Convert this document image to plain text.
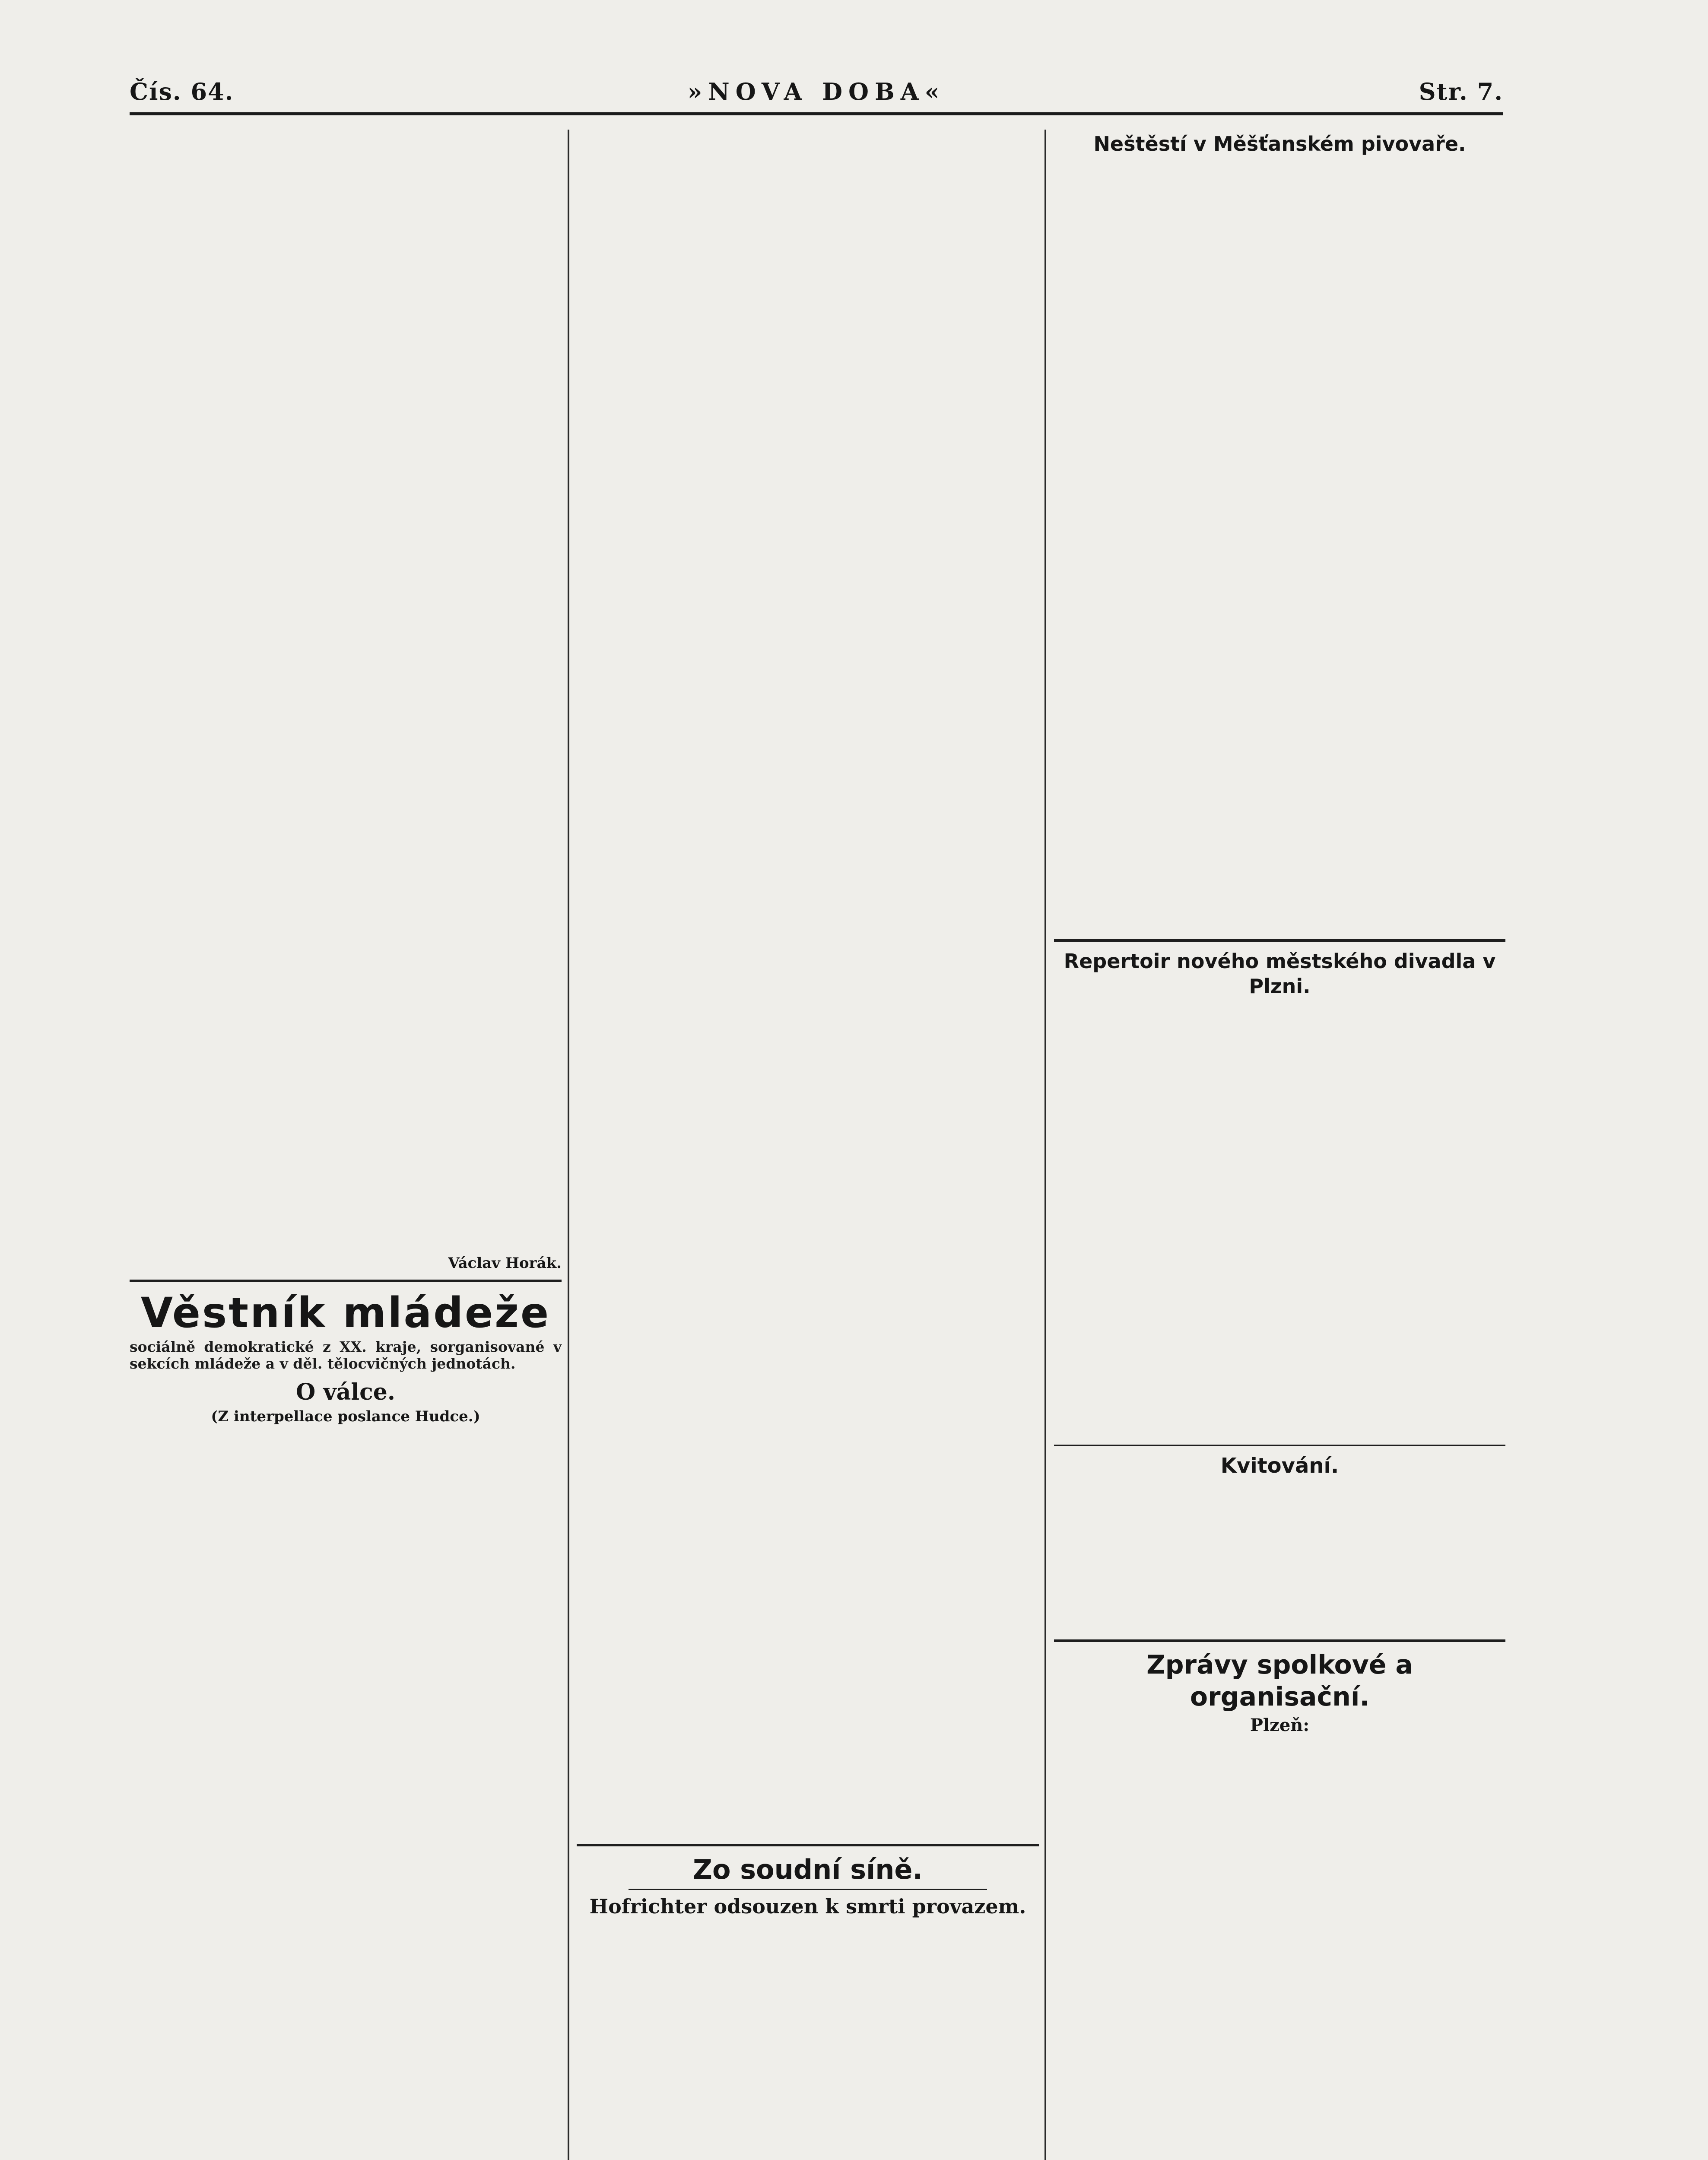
Čís. 64.	»NOVA DOBA«	Str. 7.

Václav Horák.
Věstník mládeže

sociálně demokratické z XX. kraje, sorganisované v sekcích mládeže a v děl. tělocvičných jednotách.

O válce.
(Z interpellace poslance Hudce.)

Zo soudní síně.
Hofrichter odsouzen k smrti provazem.

Neštěstí v Měšťanském pivovaře.

Repertoir nového městského divadla v Plzni.

Kvitování.

Zprávy spolkové a organisační.
Plzeň:
